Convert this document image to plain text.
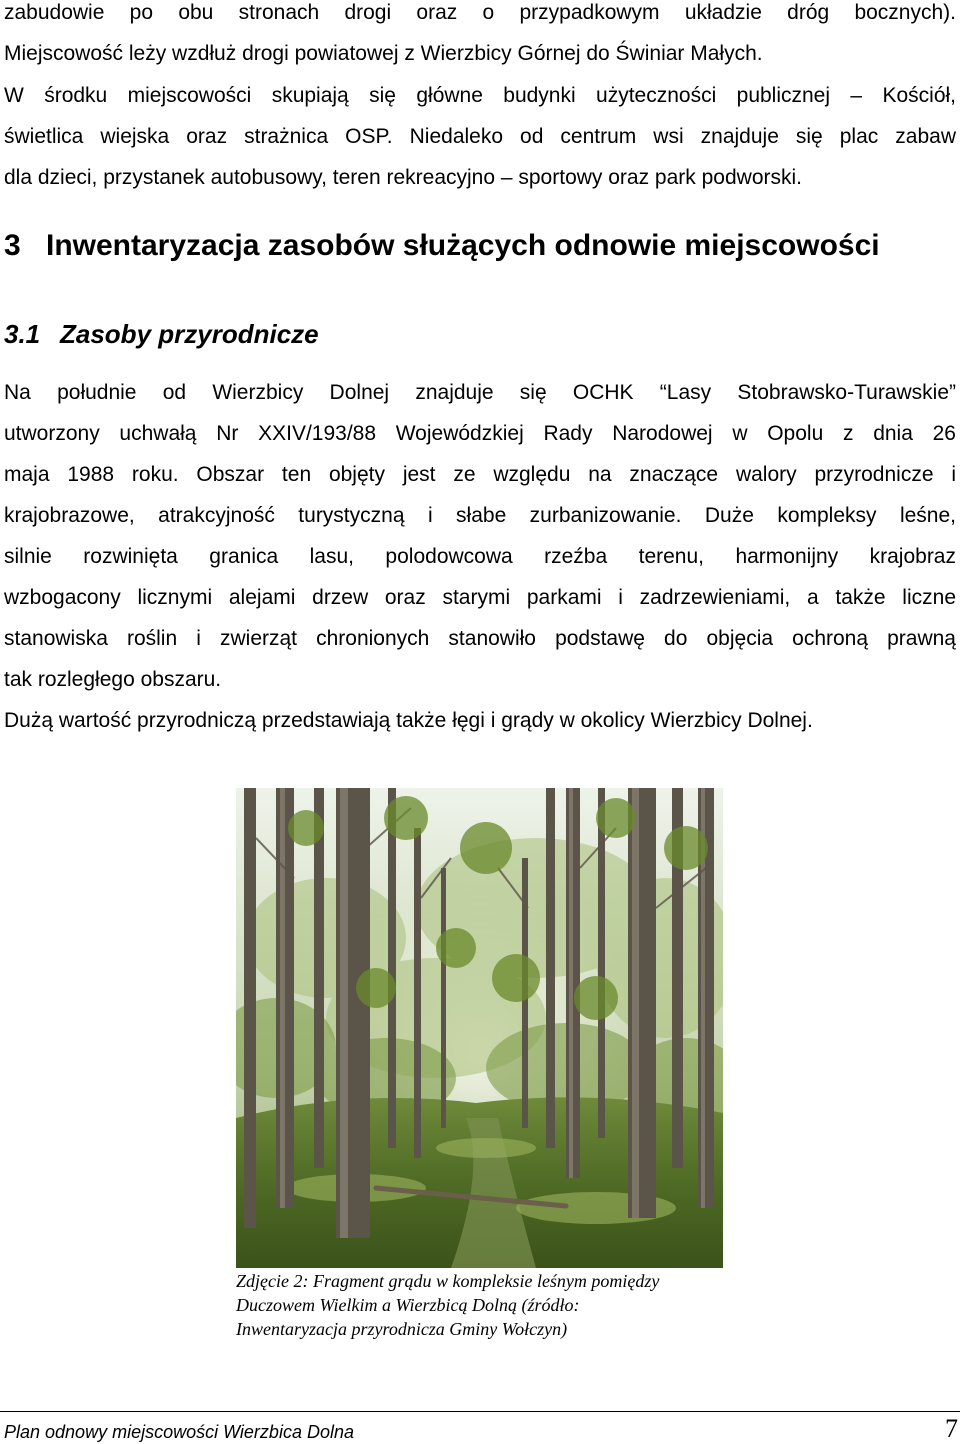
zabudowie po obu stronach drogi oraz o przypadkowym układzie dróg bocznych).
Miejscowość leży wzdłuż drogi powiatowej z Wierzbicy Górnej do Świniar Małych.
W środku miejscowości skupiają się główne budynki użyteczności publicznej – Kościół,
świetlica wiejska oraz strażnica OSP. Niedaleko od centrum wsi znajduje się plac zabaw
dla dzieci, przystanek autobusowy, teren rekreacyjno – sportowy oraz park podworski.
3 Inwentaryzacja zasobów służących odnowie miejscowości
3.1 Zasoby przyrodnicze
Na południe od Wierzbicy Dolnej znajduje się OCHK “Lasy Stobrawsko-Turawskie”
utworzony uchwałą Nr XXIV/193/88 Wojewódzkiej Rady Narodowej w Opolu z dnia 26
maja 1988 roku. Obszar ten objęty jest ze względu na znaczące walory przyrodnicze i
krajobrazowe, atrakcyjność turystyczną i słabe zurbanizowanie. Duże kompleksy leśne,
silnie rozwinięta granica lasu, polodowcowa rzeźba terenu, harmonijny krajobraz
wzbogacony licznymi alejami drzew oraz starymi parkami i zadrzewieniami, a także liczne
stanowiska roślin i zwierząt chronionych stanowiło podstawę do objęcia ochroną prawną
tak rozległego obszaru.

Dużą wartość przyrodniczą przedstawiają także łęgi i grądy w okolicy Wierzbicy Dolnej.

Zdjęcie 2: Fragment grądu w kompleksie leśnym pomiędzy
Duczowem Wielkim a Wierzbicą Dolną (źródło:
Inwentaryzacja przyrodnicza Gminy Wołczyn)

Plan odnowy miejscowości Wierzbica Dolna	7
